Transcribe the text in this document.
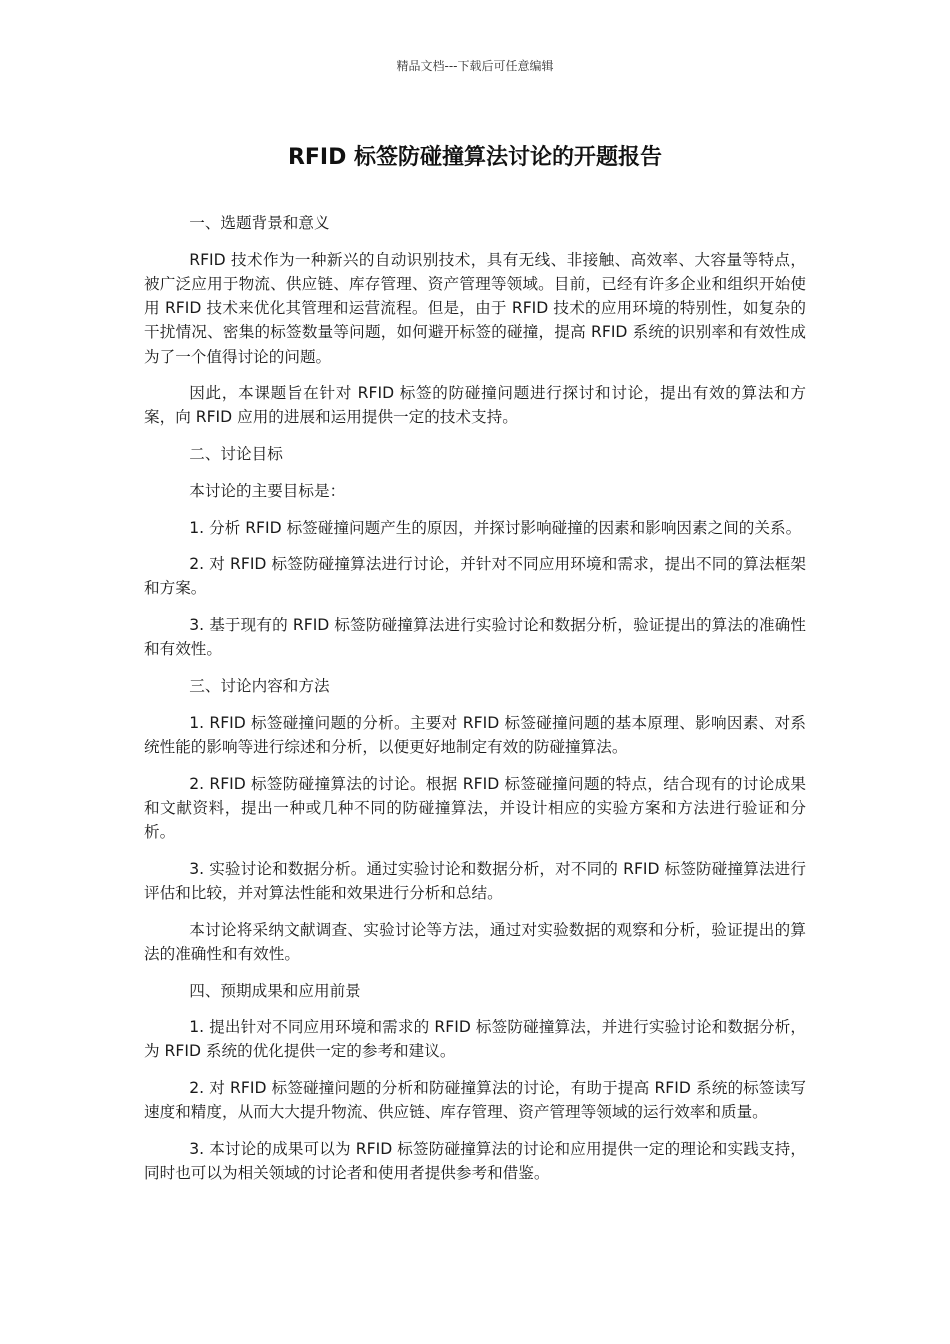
精品文档---下载后可任意编辑
RFID 标签防碰撞算法讨论的开题报告

一、选题背景和意义

RFID 技术作为一种新兴的自动识别技术，具有无线、非接触、高效率、大容量等特点，被广泛应用于物流、供应链、库存管理、资产管理等领域。目前，已经有许多企业和组织开始使用 RFID 技术来优化其管理和运营流程。但是，由于 RFID 技术的应用环境的特别性，如复杂的干扰情况、密集的标签数量等问题，如何避开标签的碰撞，提高 RFID 系统的识别率和有效性成为了一个值得讨论的问题。

因此，本课题旨在针对 RFID 标签的防碰撞问题进行探讨和讨论，提出有效的算法和方案，向 RFID 应用的进展和运用提供一定的技术支持。

二、讨论目标

本讨论的主要目标是：

1. 分析 RFID 标签碰撞问题产生的原因，并探讨影响碰撞的因素和影响因素之间的关系。

2. 对 RFID 标签防碰撞算法进行讨论，并针对不同应用环境和需求，提出不同的算法框架和方案。

3. 基于现有的 RFID 标签防碰撞算法进行实验讨论和数据分析，验证提出的算法的准确性和有效性。

三、讨论内容和方法

1. RFID 标签碰撞问题的分析。主要对 RFID 标签碰撞问题的基本原理、影响因素、对系统性能的影响等进行综述和分析，以便更好地制定有效的防碰撞算法。

2. RFID 标签防碰撞算法的讨论。根据 RFID 标签碰撞问题的特点，结合现有的讨论成果和文献资料，提出一种或几种不同的防碰撞算法，并设计相应的实验方案和方法进行验证和分析。

3. 实验讨论和数据分析。通过实验讨论和数据分析，对不同的 RFID 标签防碰撞算法进行评估和比较，并对算法性能和效果进行分析和总结。

本讨论将采纳文献调查、实验讨论等方法，通过对实验数据的观察和分析，验证提出的算法的准确性和有效性。

四、预期成果和应用前景

1. 提出针对不同应用环境和需求的 RFID 标签防碰撞算法，并进行实验讨论和数据分析，为 RFID 系统的优化提供一定的参考和建议。

2. 对 RFID 标签碰撞问题的分析和防碰撞算法的讨论，有助于提高 RFID 系统的标签读写速度和精度，从而大大提升物流、供应链、库存管理、资产管理等领域的运行效率和质量。

3. 本讨论的成果可以为 RFID 标签防碰撞算法的讨论和应用提供一定的理论和实践支持，同时也可以为相关领域的讨论者和使用者提供参考和借鉴。
